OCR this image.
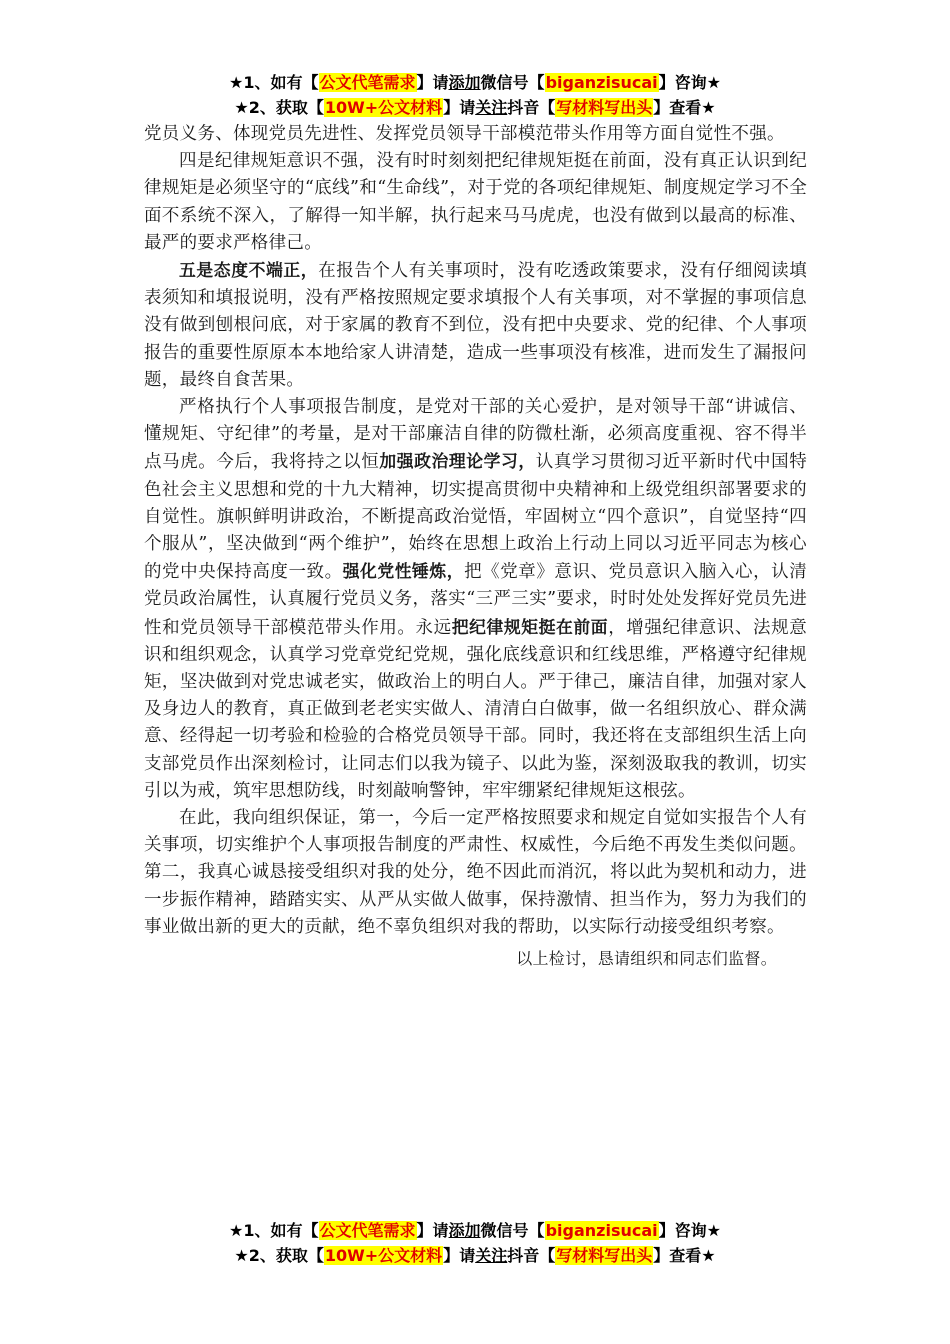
★1、如有【公文代笔需求】请添加微信号【biganzisucai】咨询★
★2、获取【10W+公文材料】请关注抖音【写材料写出头】查看★

党员义务、体现党员先进性、发挥党员领导干部模范带头作用等方面自觉性不强。

四是纪律规矩意识不强，没有时时刻刻把纪律规矩挺在前面，没有真正认识到纪律规矩是必须坚守的“底线”和“生命线”，对于党的各项纪律规矩、制度规定学习不全面不系统不深入，了解得一知半解，执行起来马马虎虎，也没有做到以最高的标准、最严的要求严格律己。

五是态度不端正，在报告个人有关事项时，没有吃透政策要求，没有仔细阅读填表须知和填报说明，没有严格按照规定要求填报个人有关事项，对不掌握的事项信息没有做到刨根问底，对于家属的教育不到位，没有把中央要求、党的纪律、个人事项报告的重要性原原本本地给家人讲清楚，造成一些事项没有核准，进而发生了漏报问题，最终自食苦果。

严格执行个人事项报告制度，是党对干部的关心爱护，是对领导干部“讲诚信、懂规矩、守纪律”的考量，是对干部廉洁自律的防微杜渐，必须高度重视、容不得半点马虎。今后，我将持之以恒加强政治理论学习，认真学习贯彻习近平新时代中国特色社会主义思想和党的十九大精神，切实提高贯彻中央精神和上级党组织部署要求的自觉性。旗帜鲜明讲政治，不断提高政治觉悟，牢固树立“四个意识”，自觉坚持“四个服从”，坚决做到“两个维护”，始终在思想上政治上行动上同以习近平同志为核心的党中央保持高度一致。强化党性锤炼，把《党章》意识、党员意识入脑入心，认清党员政治属性，认真履行党员义务，落实“三严三实”要求，时时处处发挥好党员先进性和党员领导干部模范带头作用。永远把纪律规矩挺在前面，增强纪律意识、法规意识和组织观念，认真学习党章党纪党规，强化底线意识和红线思维，严格遵守纪律规矩，坚决做到对党忠诚老实，做政治上的明白人。严于律己，廉洁自律，加强对家人及身边人的教育，真正做到老老实实做人、清清白白做事，做一名组织放心、群众满意、经得起一切考验和检验的合格党员领导干部。同时，我还将在支部组织生活上向支部党员作出深刻检讨，让同志们以我为镜子、以此为鉴，深刻汲取我的教训，切实引以为戒，筑牢思想防线，时刻敲响警钟，牢牢绷紧纪律规矩这根弦。

在此，我向组织保证，第一，今后一定严格按照要求和规定自觉如实报告个人有关事项，切实维护个人事项报告制度的严肃性、权威性，今后绝不再发生类似问题。第二，我真心诚恳接受组织对我的处分，绝不因此而消沉，将以此为契机和动力，进一步振作精神，踏踏实实、从严从实做人做事，保持激情、担当作为，努力为我们的事业做出新的更大的贡献，绝不辜负组织对我的帮助，以实际行动接受组织考察。

以上检讨，恳请组织和同志们监督。

★1、如有【公文代笔需求】请添加微信号【biganzisucai】咨询★
★2、获取【10W+公文材料】请关注抖音【写材料写出头】查看★
